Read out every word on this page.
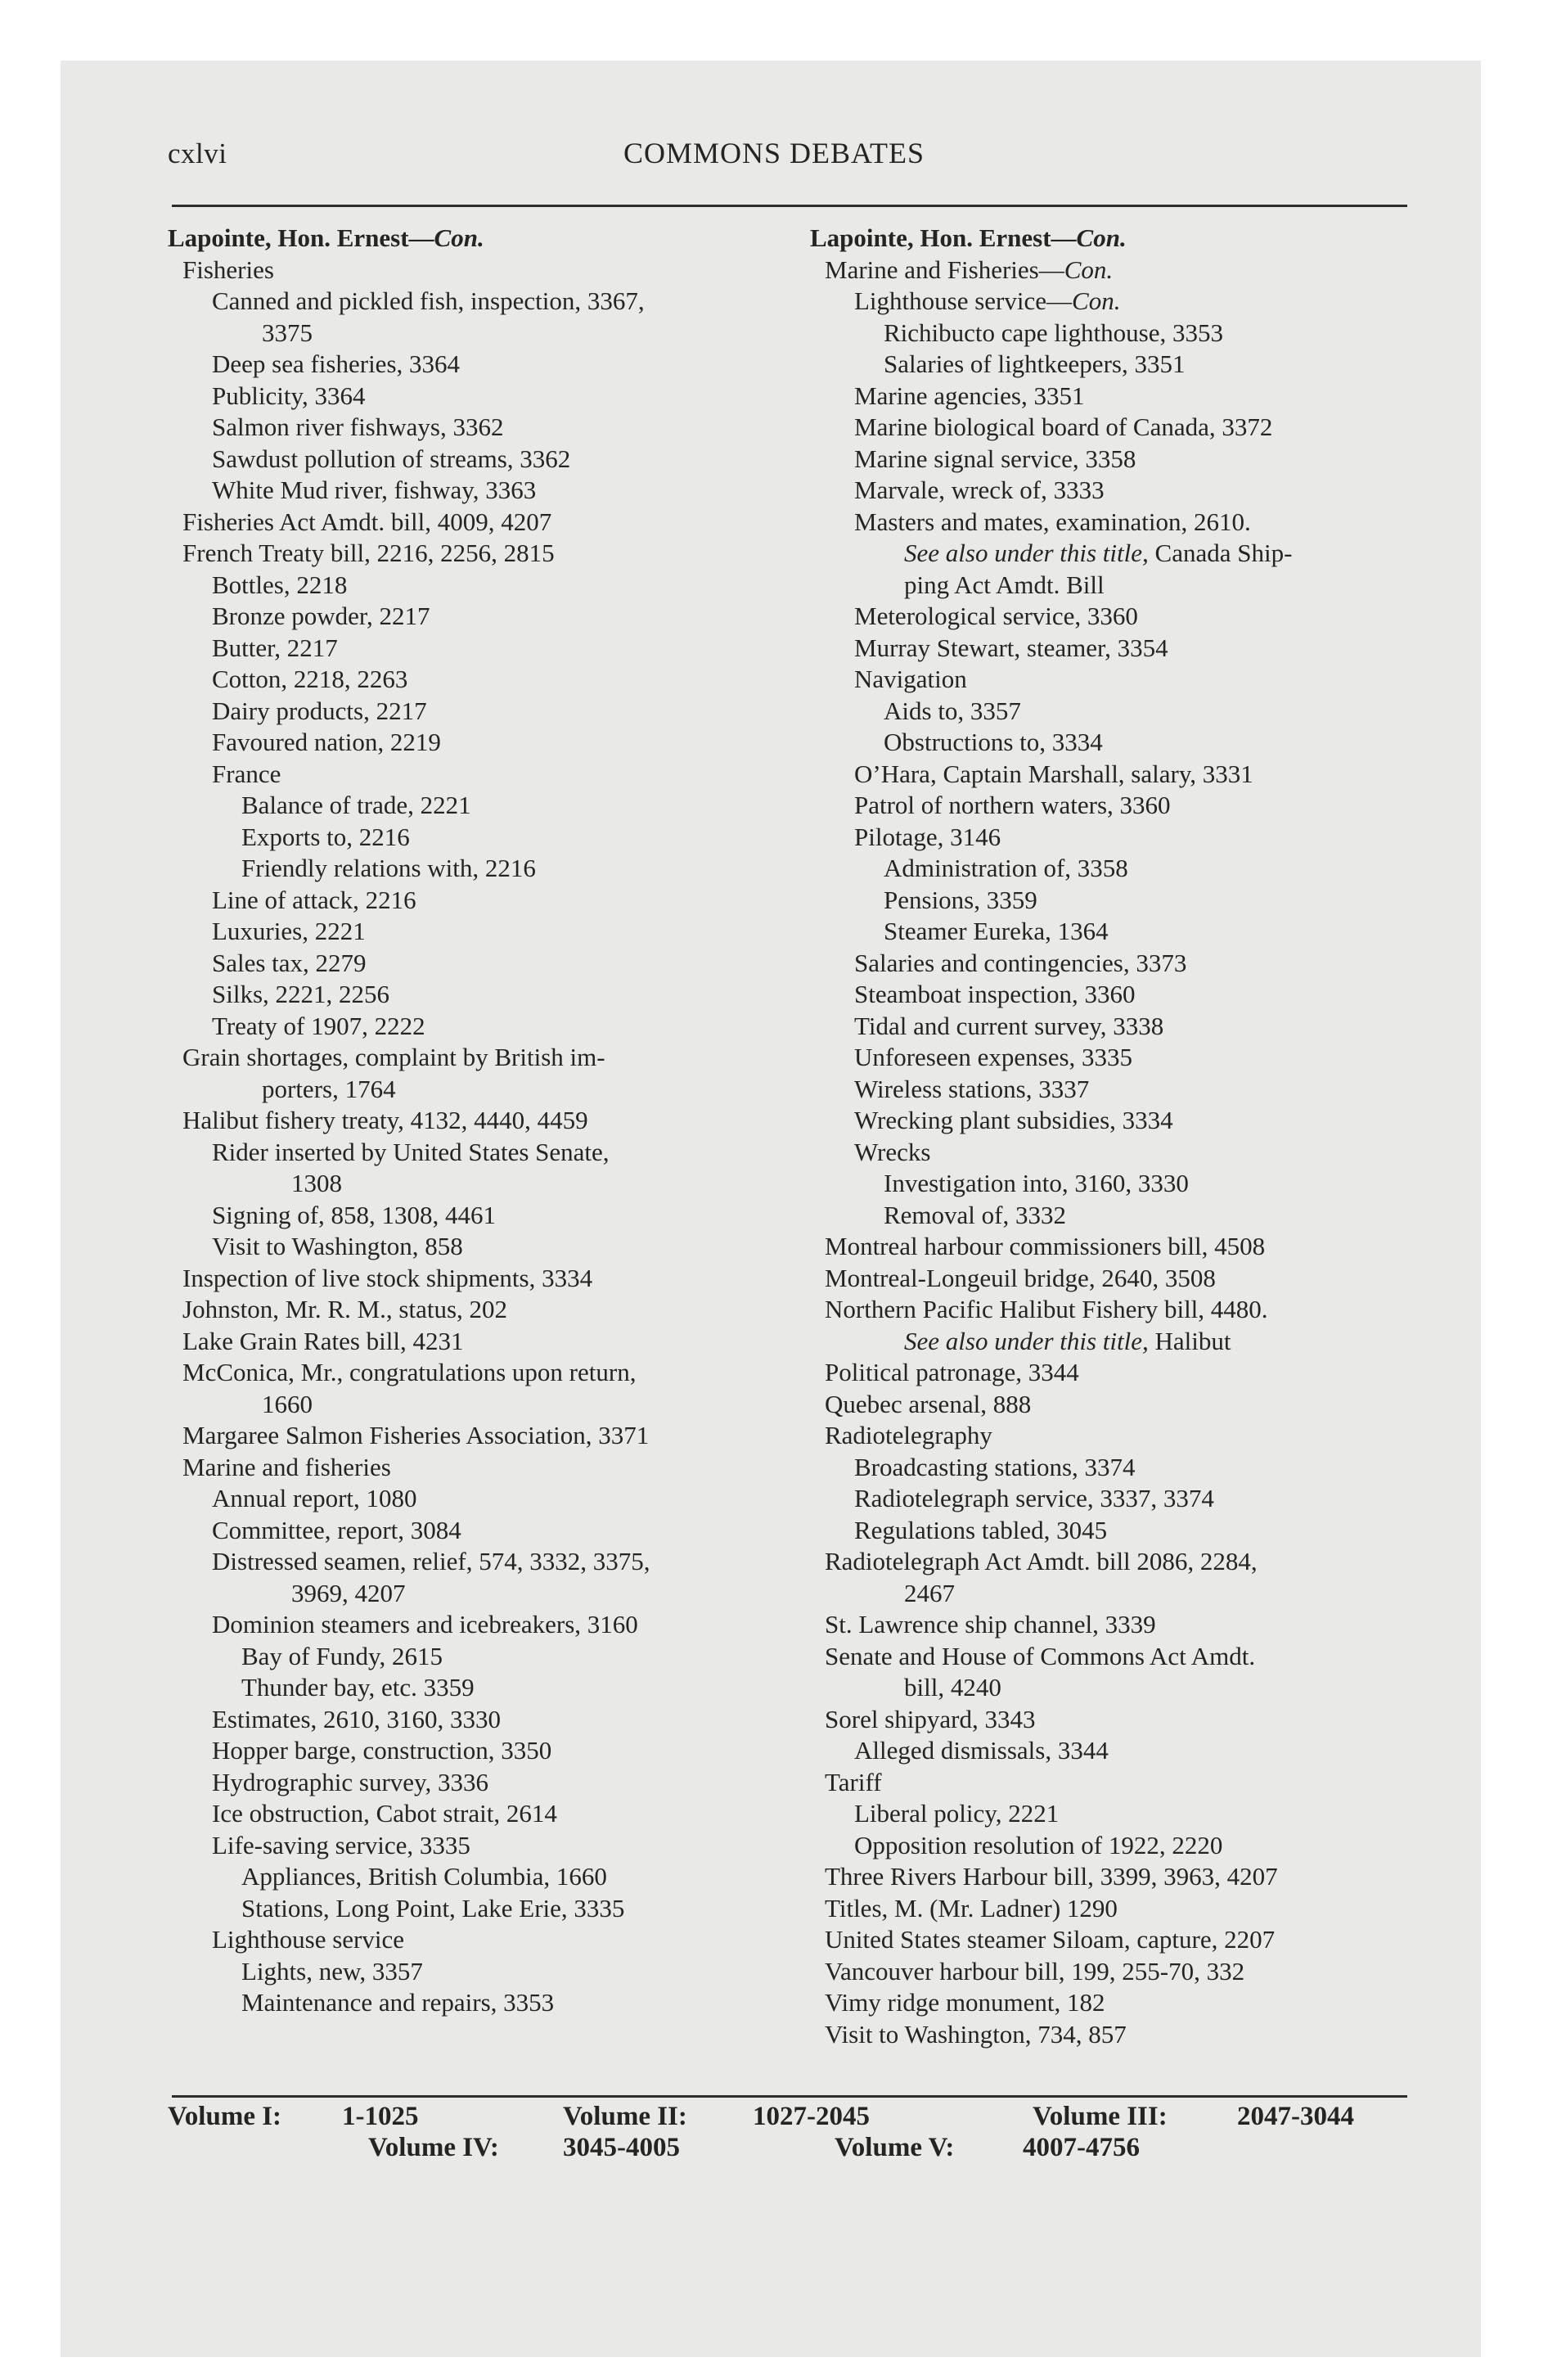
cxlvi	COMMONS DEBATES
Lapointe, Hon. Ernest—Con.
Fisheries
Canned and pickled fish, inspection, 3367,
3375
Deep sea fisheries, 3364
Publicity, 3364
Salmon river fishways, 3362
Sawdust pollution of streams, 3362
White Mud river, fishway, 3363
Fisheries Act Amdt. bill, 4009, 4207
French Treaty bill, 2216, 2256, 2815
Bottles, 2218
Bronze powder, 2217
Butter, 2217
Cotton, 2218, 2263
Dairy products, 2217
Favoured nation, 2219
France
Balance of trade, 2221
Exports to, 2216
Friendly relations with, 2216
Line of attack, 2216
Luxuries, 2221
Sales tax, 2279
Silks, 2221, 2256
Treaty of 1907, 2222
Grain shortages, complaint by British im-
porters, 1764
Halibut fishery treaty, 4132, 4440, 4459
Rider inserted by United States Senate,
1308
Signing of, 858, 1308, 4461
Visit to Washington, 858
Inspection of live stock shipments, 3334
Johnston, Mr. R. M., status, 202
Lake Grain Rates bill, 4231
McConica, Mr., congratulations upon return,
1660
Margaree Salmon Fisheries Association, 3371
Marine and fisheries
Annual report, 1080
Committee, report, 3084
Distressed seamen, relief, 574, 3332, 3375,
3969, 4207
Dominion steamers and icebreakers, 3160
Bay of Fundy, 2615
Thunder bay, etc. 3359
Estimates, 2610, 3160, 3330
Hopper barge, construction, 3350
Hydrographic survey, 3336
Ice obstruction, Cabot strait, 2614
Life-saving service, 3335
Appliances, British Columbia, 1660
Stations, Long Point, Lake Erie, 3335
Lighthouse service
Lights, new, 3357
Maintenance and repairs, 3353
Lapointe, Hon. Ernest—Con.
Marine and Fisheries—Con.
Lighthouse service—Con.
Richibucto cape lighthouse, 3353
Salaries of lightkeepers, 3351
Marine agencies, 3351
Marine biological board of Canada, 3372
Marine signal service, 3358
Marvale, wreck of, 3333
Masters and mates, examination, 2610.
See also under this title, Canada Ship-
ping Act Amdt. Bill
Meterological service, 3360
Murray Stewart, steamer, 3354
Navigation
Aids to, 3357
Obstructions to, 3334
O’Hara, Captain Marshall, salary, 3331
Patrol of northern waters, 3360
Pilotage, 3146
Administration of, 3358
Pensions, 3359
Steamer Eureka, 1364
Salaries and contingencies, 3373
Steamboat inspection, 3360
Tidal and current survey, 3338
Unforeseen expenses, 3335
Wireless stations, 3337
Wrecking plant subsidies, 3334
Wrecks
Investigation into, 3160, 3330
Removal of, 3332
Montreal harbour commissioners bill, 4508
Montreal-Longeuil bridge, 2640, 3508
Northern Pacific Halibut Fishery bill, 4480.
See also under this title, Halibut
Political patronage, 3344
Quebec arsenal, 888
Radiotelegraphy
Broadcasting stations, 3374
Radiotelegraph service, 3337, 3374
Regulations tabled, 3045
Radiotelegraph Act Amdt. bill 2086, 2284,
2467
St. Lawrence ship channel, 3339
Senate and House of Commons Act Amdt.
bill, 4240
Sorel shipyard, 3343
Alleged dismissals, 3344
Tariff
Liberal policy, 2221
Opposition resolution of 1922, 2220
Three Rivers Harbour bill, 3399, 3963, 4207
Titles, M. (Mr. Ladner) 1290
United States steamer Siloam, capture, 2207
Vancouver harbour bill, 199, 255-70, 332
Vimy ridge monument, 182
Visit to Washington, 734, 857
Volume I: 1-1025	Volume II: 1027-2045	Volume III:	2047-3044
Volume IV: 3045-4005	Volume V:	4007-4756
